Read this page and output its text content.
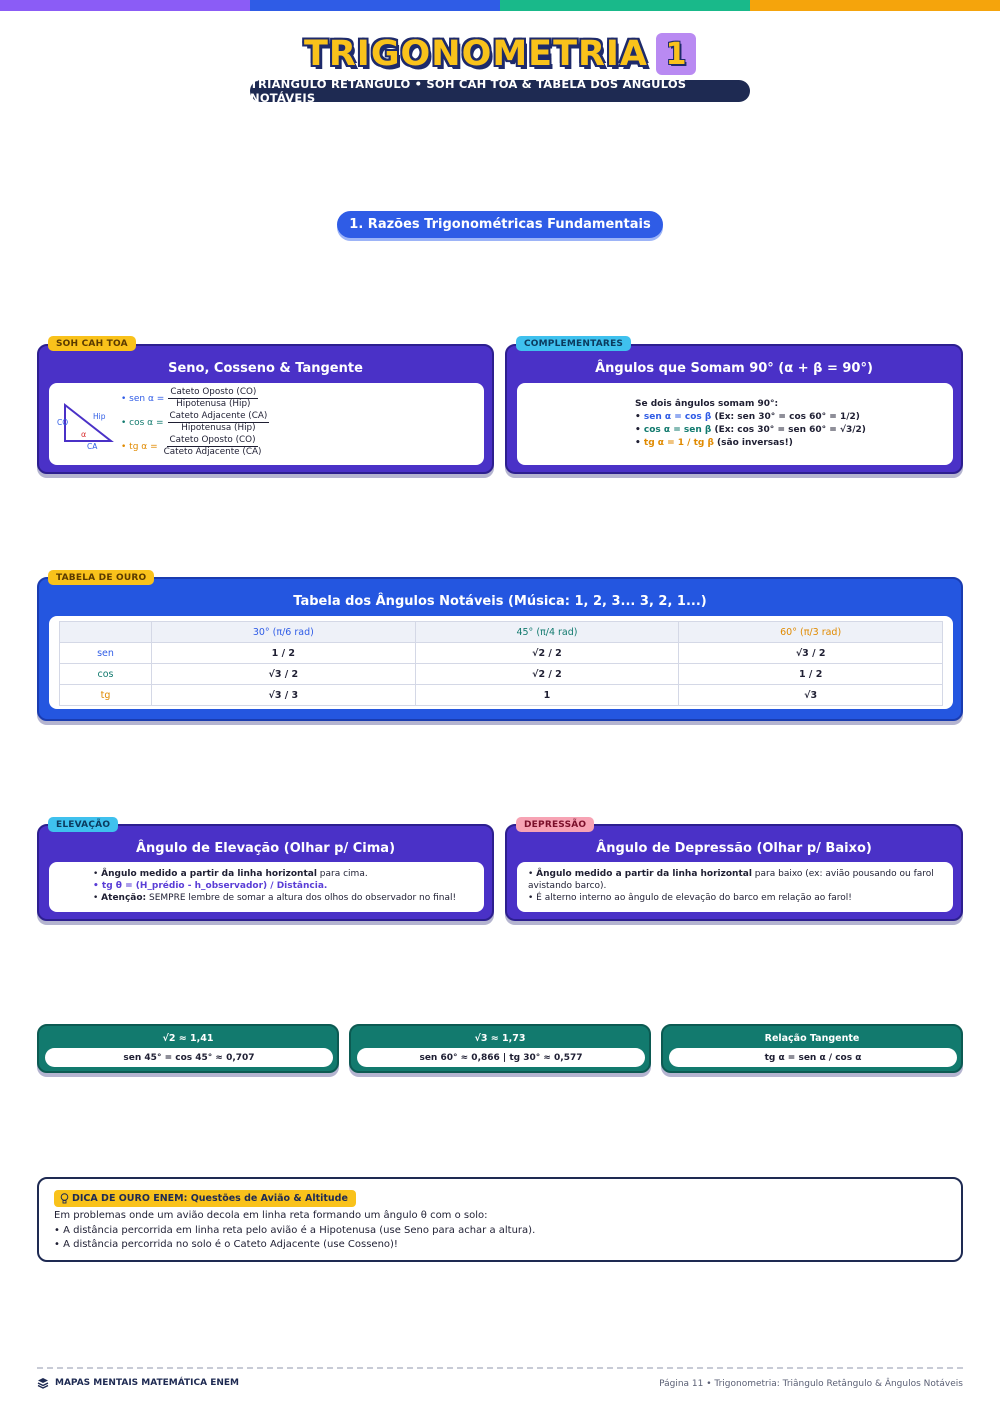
TRIGONOMETRIA 1
TRIÂNGULO RETÂNGULO • SOH CAH TOA & TABELA DOS ÂNGULOS NOTÁVEIS
1. Razões Trigonométricas Fundamentais
Seno, Cosseno & Tangente
CO
Hip
α
CA
• sen $\alpha = \frac{\text{Cateto Oposto (CO)}}{\text{Hipotenusa (Hip)}}$
• $\cos \alpha = \frac{\text{Cateto Adjacente (CA)}}{\text{Hipotenusa (Hip)}}$
• tg $\alpha = \frac{\text{Cateto Oposto (CO)}}{\text{Cateto Adjacente (CA)}}$
SOH CAH TOA
Ângulos que Somam 90° (α + β = 90°)
Se dois ângulos somam 90°:
• sen α = cos β (Ex: sen 30° = cos 60° = 1/2)
• cos α = sen β (Ex: cos 30° = sen 60° = √3/2)
• tg α = 1 / tg β (são inversas!)
COMPLEMENTARES
Tabela dos Ângulos Notáveis (Música: 1, 2, 3... 3, 2, 1...)
	30° (π/6 rad)	45° (π/4 rad)	60° (π/3 rad)
sen	1 / 2	√2 / 2	√3 / 2
cos	√3 / 2	√2 / 2	1 / 2
tg	√3 / 3	1	√3
TABELA DE OURO
Ângulo de Elevação (Olhar p/ Cima)
• Ângulo medido a partir da linha horizontal para cima.
• tg θ = (H_prédio - h_observador) / Distância.
• Atenção: SEMPRE lembre de somar a altura dos olhos do observador no final!
ELEVAÇÃO
Ângulo de Depressão (Olhar p/ Baixo)
• Ângulo medido a partir da linha horizontal para baixo (ex: avião pousando ou farol avistando barco).
• É alterno interno ao ângulo de elevação do barco em relação ao farol!
DEPRESSÃO
√2 ≈ 1,41
sen 45° = cos 45° ≈ 0,707
√3 ≈ 1,73
sen 60° ≈ 0,866 | tg 30° ≈ 0,577
Relação Tangente
tg α = sen α / cos α
DICA DE OURO ENEM: Questões de Avião & Altitude
Em problemas onde um avião decola em linha reta formando um ângulo θ com o solo:
• A distância percorrida em linha reta pelo avião é a Hipotenusa (use Seno para achar a altura).
• A distância percorrida no solo é o Cateto Adjacente (use Cosseno)!
MAPAS MENTAIS MATEMÁTICA ENEM	Página 11 • Trigonometria: Triângulo Retângulo & Ângulos Notáveis
